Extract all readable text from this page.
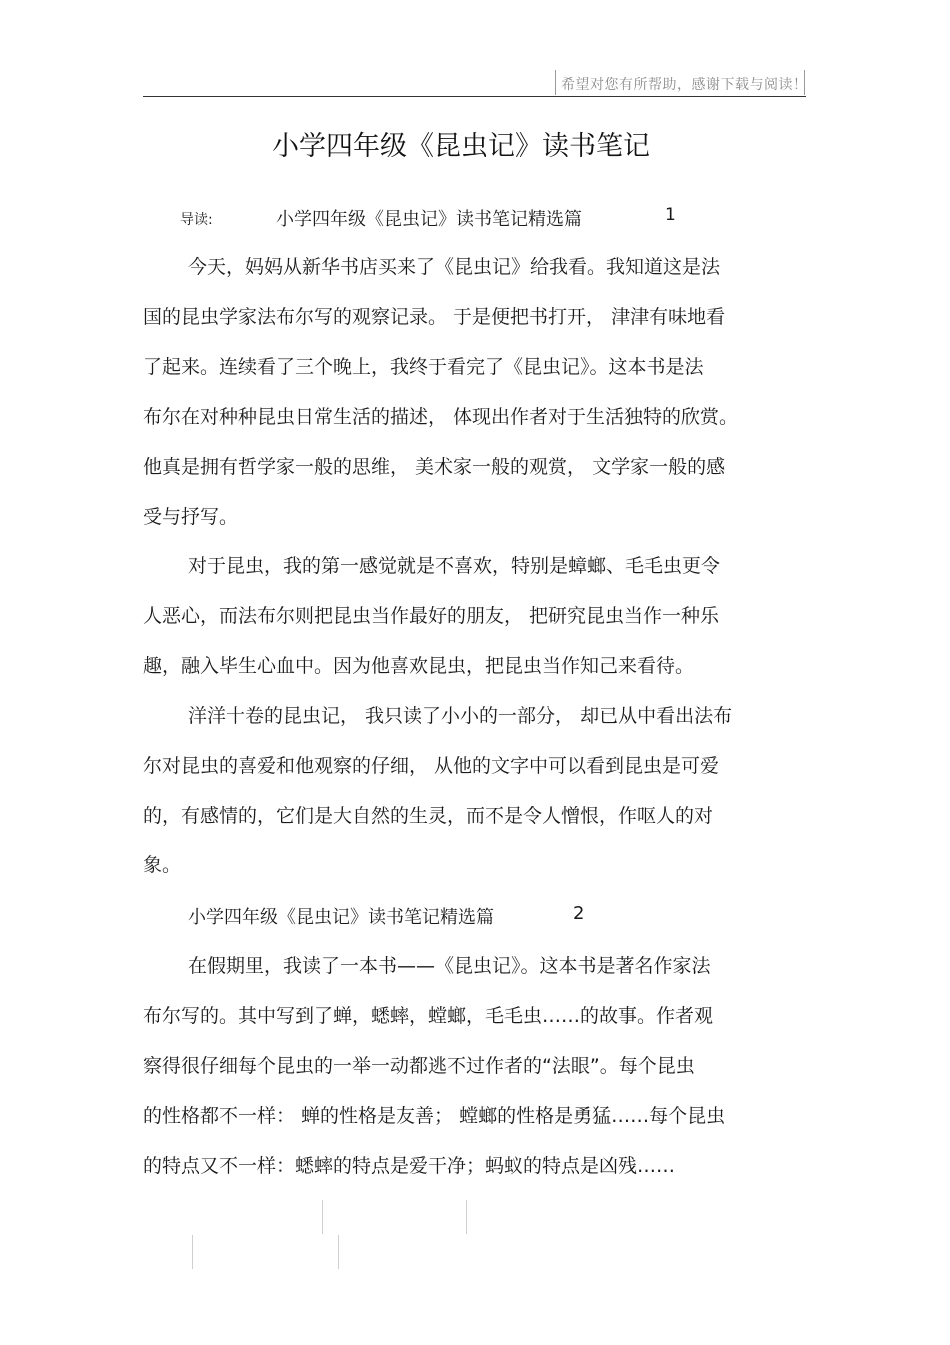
希望对您有所帮助，感谢下载与阅读！
小学四年级《昆虫记》读书笔记
导读:	小学四年级《昆虫记》读书笔记精选篇	1
今天，妈妈从新华书店买来了《昆虫记》给我看。我知道这是法
国的昆虫学家法布尔写的观察记录。 于是便把书打开， 津津有味地看
了起来。连续看了三个晚上，我终于看完了《昆虫记》。这本书是法
布尔在对种种昆虫日常生活的描述， 体现出作者对于生活独特的欣赏。
他真是拥有哲学家一般的思维， 美术家一般的观赏， 文学家一般的感
受与抒写。
对于昆虫，我的第一感觉就是不喜欢，特别是蟑螂、毛毛虫更令
人恶心，而法布尔则把昆虫当作最好的朋友， 把研究昆虫当作一种乐
趣，融入毕生心血中。因为他喜欢昆虫，把昆虫当作知己来看待。
洋洋十卷的昆虫记， 我只读了小小的一部分， 却已从中看出法布
尔对昆虫的喜爱和他观察的仔细， 从他的文字中可以看到昆虫是可爱
的，有感情的，它们是大自然的生灵，而不是令人憎恨，作呕人的对
象。
小学四年级《昆虫记》读书笔记精选篇	2
在假期里，我读了一本书——《昆虫记》。这本书是著名作家法
布尔写的。其中写到了蝉，蟋蟀，螳螂，毛毛虫……的故事。作者观
察得很仔细每个昆虫的一举一动都逃不过作者的“法眼”。每个昆虫
的性格都不一样： 蝉的性格是友善； 螳螂的性格是勇猛……每个昆虫
的特点又不一样：蟋蟀的特点是爱干净；蚂蚁的特点是凶残……
